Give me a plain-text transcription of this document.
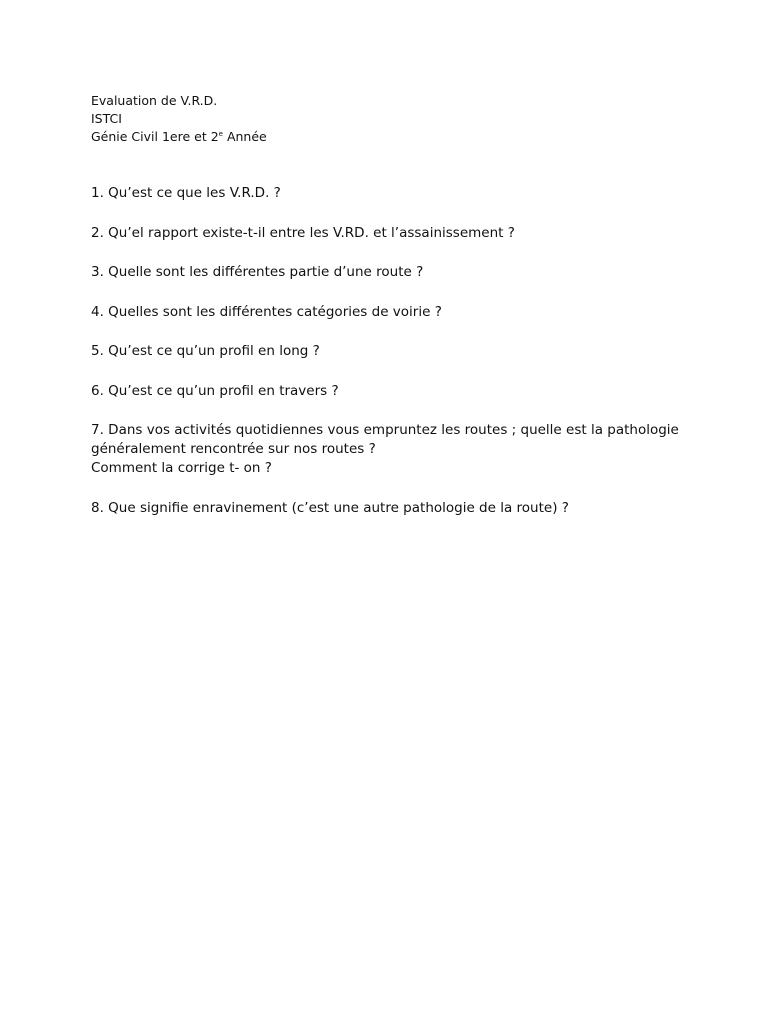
Evaluation de V.R.D.
ISTCI
Génie Civil 1ere et 2e Année
1. Qu’est ce que les V.R.D. ?
2. Qu’el rapport existe-t-il entre les V.RD. et l’assainissement ?
3. Quelle sont les différentes partie d’une route ?
4. Quelles sont les différentes catégories de voirie ?
5. Qu’est ce qu’un profil en long ?
6. Qu’est ce qu’un profil en travers ?
7. Dans vos activités quotidiennes vous empruntez les routes ; quelle est la pathologie
généralement rencontrée sur nos routes ?
Comment la corrige t- on ?
8. Que signifie enravinement (c’est une autre pathologie de la route) ?
